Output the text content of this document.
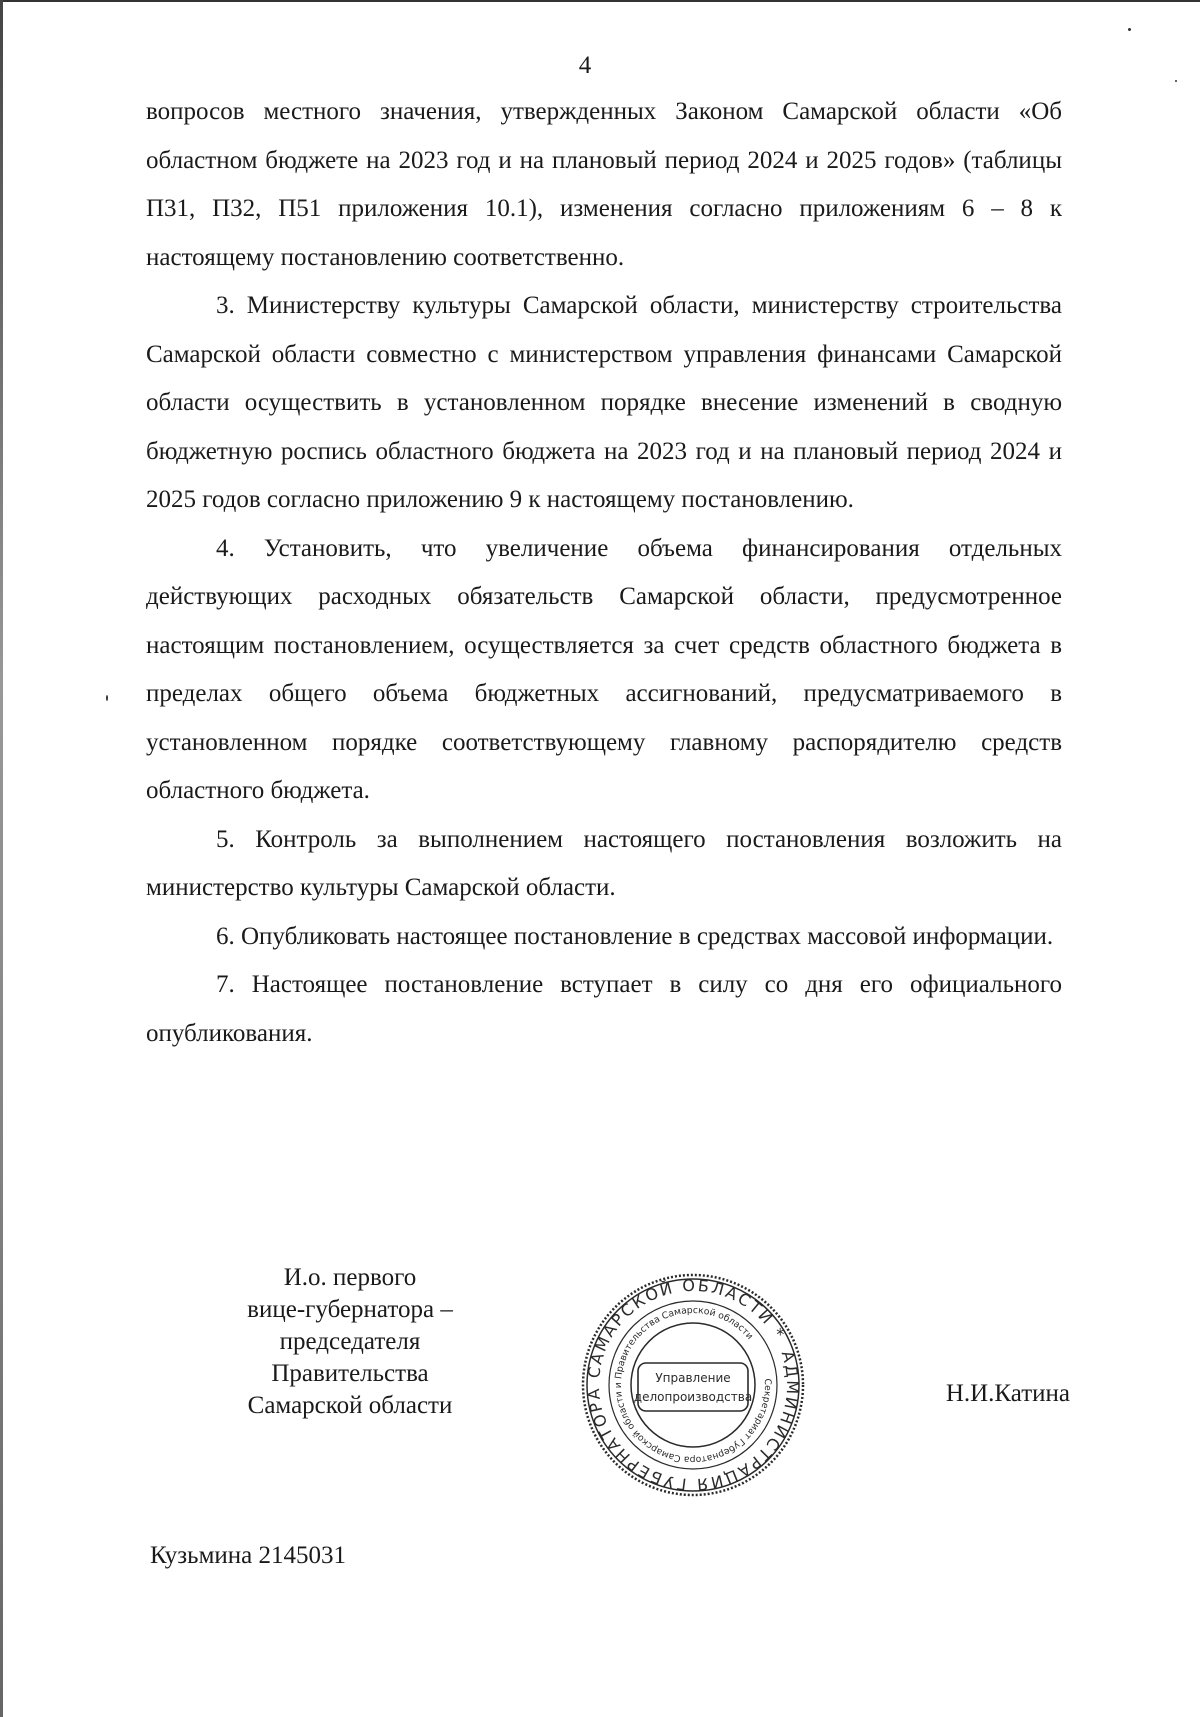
4

вопросов местного значения, утвержденных Законом Самарской области «Об областном бюджете на 2023 год и на плановый период 2024 и 2025 годов» (таблицы П31, П32, П51 приложения 10.1), изменения согласно приложениям 6 – 8 к настоящему постановлению соответственно.

3. Министерству культуры Самарской области, министерству строительства Самарской области совместно с министерством управления финансами Самарской области осуществить в установленном порядке внесение изменений в сводную бюджетную роспись областного бюджета на 2023 год и на плановый период 2024 и 2025 годов согласно приложению 9 к настоящему постановлению.

4. Установить, что увеличение объема финансирования отдельных действующих расходных обязательств Самарской области, предусмотренное настоящим постановлением, осуществляется за счет средств областного бюджета в пределах общего объема бюджетных ассигнований, предусматриваемого в установленном порядке соответствующему главному распорядителю средств областного бюджета.

5. Контроль за выполнением настоящего постановления возложить на министерство культуры Самарской области.

6. Опубликовать настоящее постановление в средствах массовой информации.

7. Настоящее постановление вступает в силу со дня его официального опубликования.

И.о. первого
вице-губернатора –
председателя Правительства
Самарской области
АДМИНИСТРАЦИЯ ГУБЕРНАТОРА САМАРСКОЙ ОБЛАСТИ *
Секретариат Губернатора Самарской области и Правительства Самарской области
Управление
делопроизводства	Н.И.Катина
Кузьмина 2145031
